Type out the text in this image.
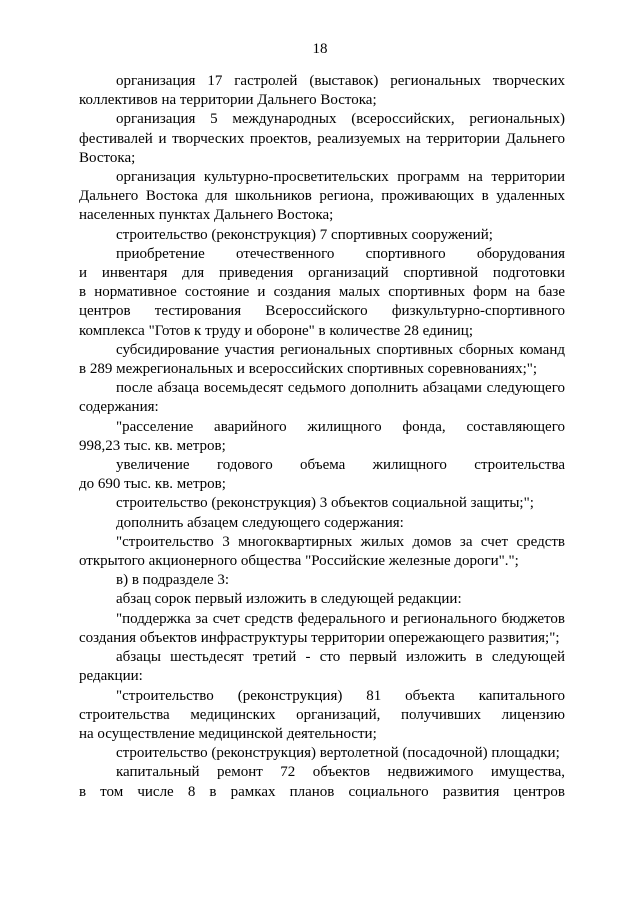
18
организация 17 гастролей (выставок) региональных творческих
коллективов на территории Дальнего Востока;
организация 5 международных (всероссийских, региональных)
фестивалей и творческих проектов, реализуемых на территории Дальнего
Востока;
организация культурно-просветительских программ на территории
Дальнего Востока для школьников региона, проживающих в удаленных
населенных пунктах Дальнего Востока;
строительство (реконструкция) 7 спортивных сооружений;
приобретение отечественного спортивного оборудования
и инвентаря для приведения организаций спортивной подготовки
в нормативное состояние и создания малых спортивных форм на базе
центров тестирования Всероссийского физкультурно-спортивного
комплекса "Готов к труду и обороне" в количестве 28 единиц;
субсидирование участия региональных спортивных сборных команд
в 289 межрегиональных и всероссийских спортивных соревнованиях;";
после абзаца восемьдесят седьмого дополнить абзацами следующего
содержания:
"расселение аварийного жилищного фонда, составляющего
998,23 тыс. кв. метров;
увеличение годового объема жилищного строительства
до 690 тыс. кв. метров;
строительство (реконструкция) 3 объектов социальной защиты;";
дополнить абзацем следующего содержания:
"строительство 3 многоквартирных жилых домов за счет средств
открытого акционерного общества "Российские железные дороги".";
в) в подразделе 3:
абзац сорок первый изложить в следующей редакции:
"поддержка за счет средств федерального и регионального бюджетов
создания объектов инфраструктуры территории опережающего развития;";
абзацы шестьдесят третий - сто первый изложить в следующей
редакции:
"строительство (реконструкция) 81 объекта капитального
строительства медицинских организаций, получивших лицензию
на осуществление медицинской деятельности;
строительство (реконструкция) вертолетной (посадочной) площадки;
капитальный ремонт 72 объектов недвижимого имущества,
в том числе 8 в рамках планов социального развития центров
